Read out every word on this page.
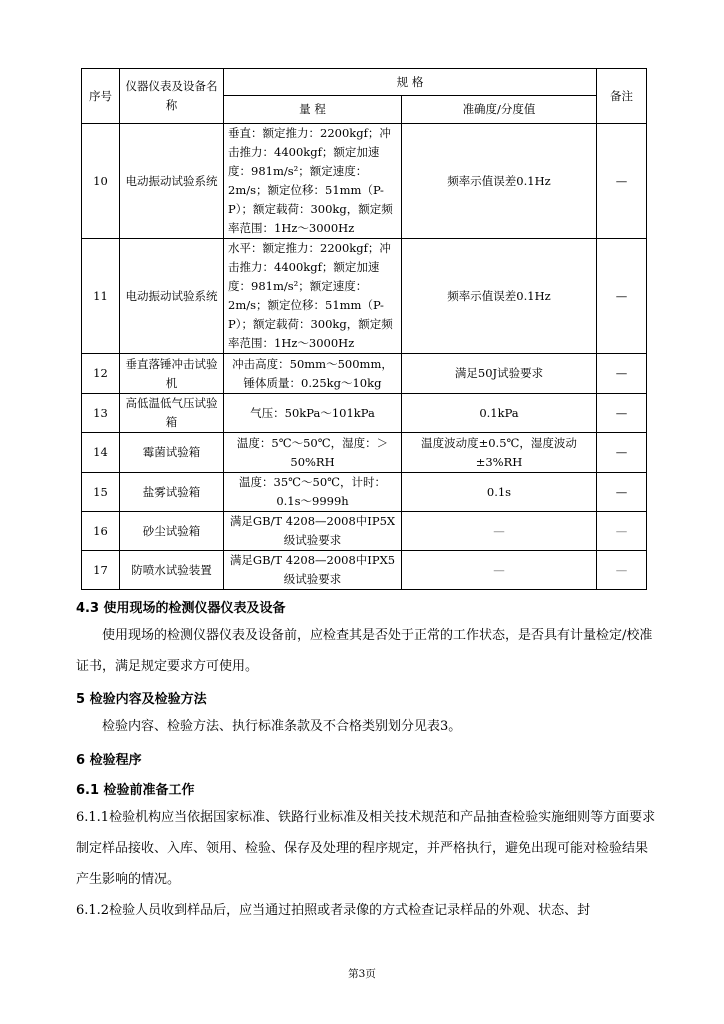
序号	仪器仪表及设备名称	规 格		备注
		量 程	准确度/分度值	
10	电动振动试验系统	垂直：额定推力：2200kgf；冲击推力：4400kgf；额定加速度：981m/s²；额定速度：2m/s；额定位移：51mm（P-P）；额定载荷：300kg，额定频率范围：1Hz～3000Hz	频率示值误差0.1Hz	—
11	电动振动试验系统	水平：额定推力：2200kgf；冲击推力：4400kgf；额定加速度：981m/s²；额定速度：2m/s；额定位移：51mm（P-P）；额定载荷：300kg，额定频率范围：1Hz～3000Hz	频率示值误差0.1Hz	—
12	垂直落锤冲击试验机	冲击高度：50mm～500mm，锤体质量：0.25kg～10kg	满足50J试验要求	—
13	高低温低气压试验箱	气压：50kPa～101kPa	0.1kPa	—
14	霉菌试验箱	温度：5℃～50℃，湿度：＞50%RH	温度波动度±0.5℃，湿度波动±3%RH	—
15	盐雾试验箱	温度：35℃～50℃，计时：0.1s～9999h	0.1s	—
16	砂尘试验箱	满足GB/T 4208—2008中IP5X级试验要求	—	—
17	防喷水试验装置	满足GB/T 4208—2008中IPX5级试验要求	—	—
4.3 使用现场的检测仪器仪表及设备
使用现场的检测仪器仪表及设备前，应检查其是否处于正常的工作状态，是否具有计量检定/校准证书，满足规定要求方可使用。
5 检验内容及检验方法
检验内容、检验方法、执行标准条款及不合格类别划分见表3。
6 检验程序
6.1 检验前准备工作
6.1.1检验机构应当依据国家标准、铁路行业标准及相关技术规范和产品抽查检验实施细则等方面要求制定样品接收、入库、领用、检验、保存及处理的程序规定，并严格执行，避免出现可能对检验结果产生影响的情况。
6.1.2检验人员收到样品后，应当通过拍照或者录像的方式检查记录样品的外观、状态、封
第3页
